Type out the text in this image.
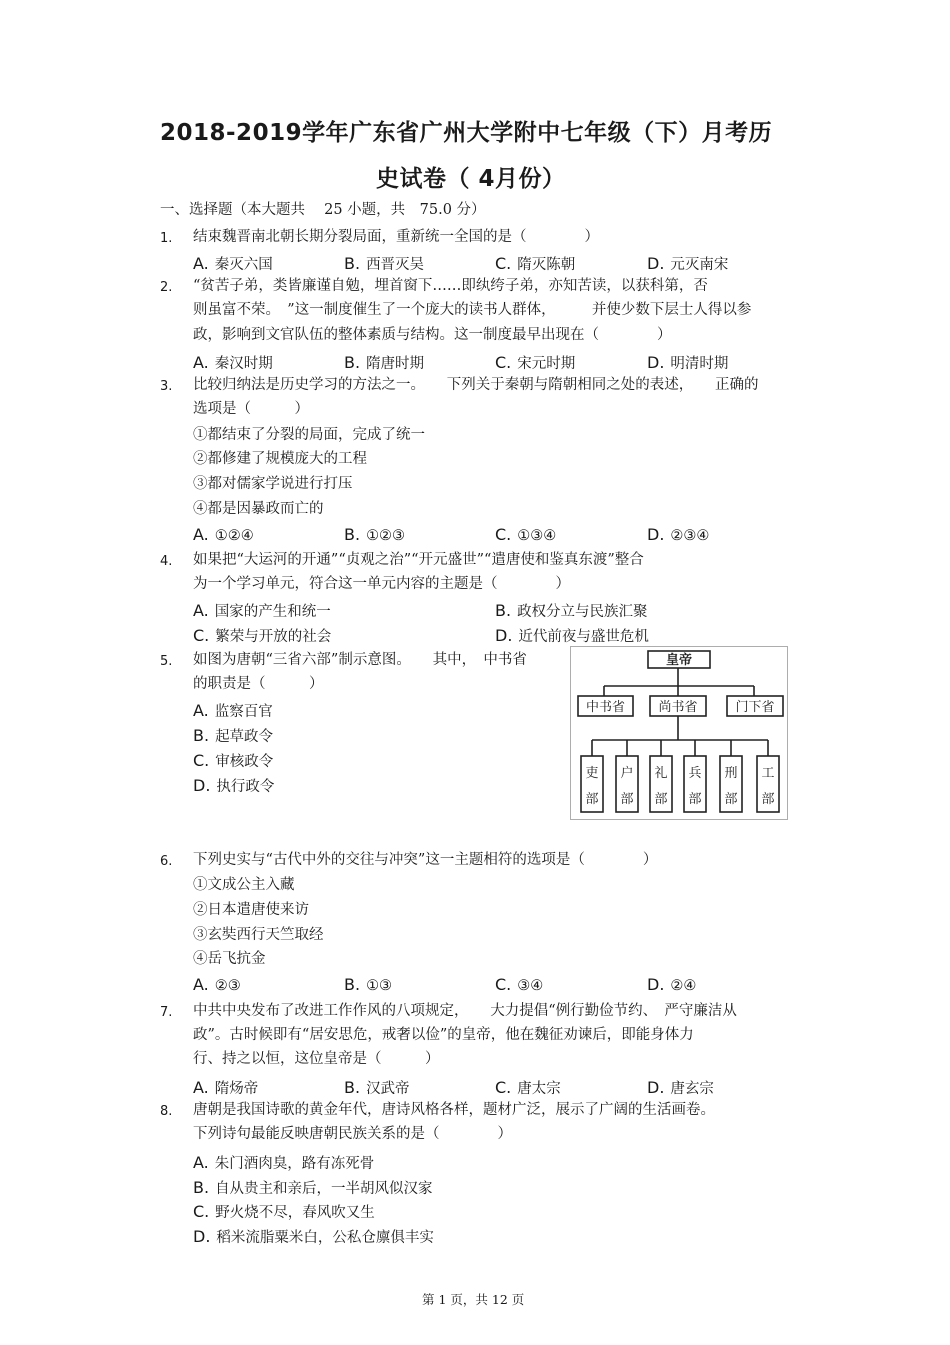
2018-2019学年广东省广州大学附中七年级（下）月考历
史试卷（ 4月份）
一、选择题（本大题共　 25 小题，共　75.0 分）
1. 结束魏晋南北朝长期分裂局面，重新统一全国的是（　　　　）
A. 秦灭六国	B. 西晋灭吴	C. 隋灭陈朝	D. 元灭南宋
2. “贫苦子弟，类皆廉谨自勉，埋首窗下……即纨绔子弟，亦知苦读，以获科第，否
则虽富不荣。　”这一制度催生了一个庞大的读书人群体，　　　并使少数下层士人得以参
政，影响到文官队伍的整体素质与结构。这一制度最早出现在（　　　　）
A. 秦汉时期	B. 隋唐时期	C. 宋元时期	D. 明清时期
3. 比较归纳法是历史学习的方法之一。　　下列关于秦朝与隋朝相同之处的表述，　　正确的
选项是（　　　）
①都结束了分裂的局面，完成了统一
②都修建了规模庞大的工程
③都对儒家学说进行打压
④都是因暴政而亡的
A. ①②④	B. ①②③	C. ①③④	D. ②③④
4. 如果把“大运河的开通”“贞观之治”“开元盛世”“遣唐使和鉴真东渡”整合
为一个学习单元，符合这一单元内容的主题是（　　　　）
A. 国家的产生和统一	B. 政权分立与民族汇聚
C. 繁荣与开放的社会	D. 近代前夜与盛世危机
5. 如图为唐朝“三省六部”制示意图。　　其中，　中书省
的职责是（　　　）
A. 监察百官
B. 起草政令
C. 审核政令
D. 执行政令
皇帝
中书省	尚书省	门下省
吏部
户部
礼部
兵部
刑部
工部
6. 下列史实与“古代中外的交往与冲突”这一主题相符的选项是（　　　　）
①文成公主入藏
②日本遣唐使来访
③玄奘西行天竺取经
④岳飞抗金
A. ②③	B. ①③	C. ③④	D. ②④
7. 中共中央发布了改进工作作风的八项规定，　　大力提倡“例行勤俭节约、　严守廉洁从
政”。古时候即有“居安思危，戒奢以俭”的皇帝，他在魏征劝谏后，即能身体力
行、持之以恒，这位皇帝是（　　　）
A. 隋炀帝	B. 汉武帝	C. 唐太宗	D. 唐玄宗
8. 唐朝是我国诗歌的黄金年代，唐诗风格各样，题材广泛，展示了广阔的生活画卷。
下列诗句最能反映唐朝民族关系的是（　　　　）
A. 朱门酒肉臭，路有冻死骨
B. 自从贵主和亲后，一半胡风似汉家
C. 野火烧不尽，春风吹又生
D. 稻米流脂粟米白，公私仓廪俱丰实
第 1 页，共 12 页
